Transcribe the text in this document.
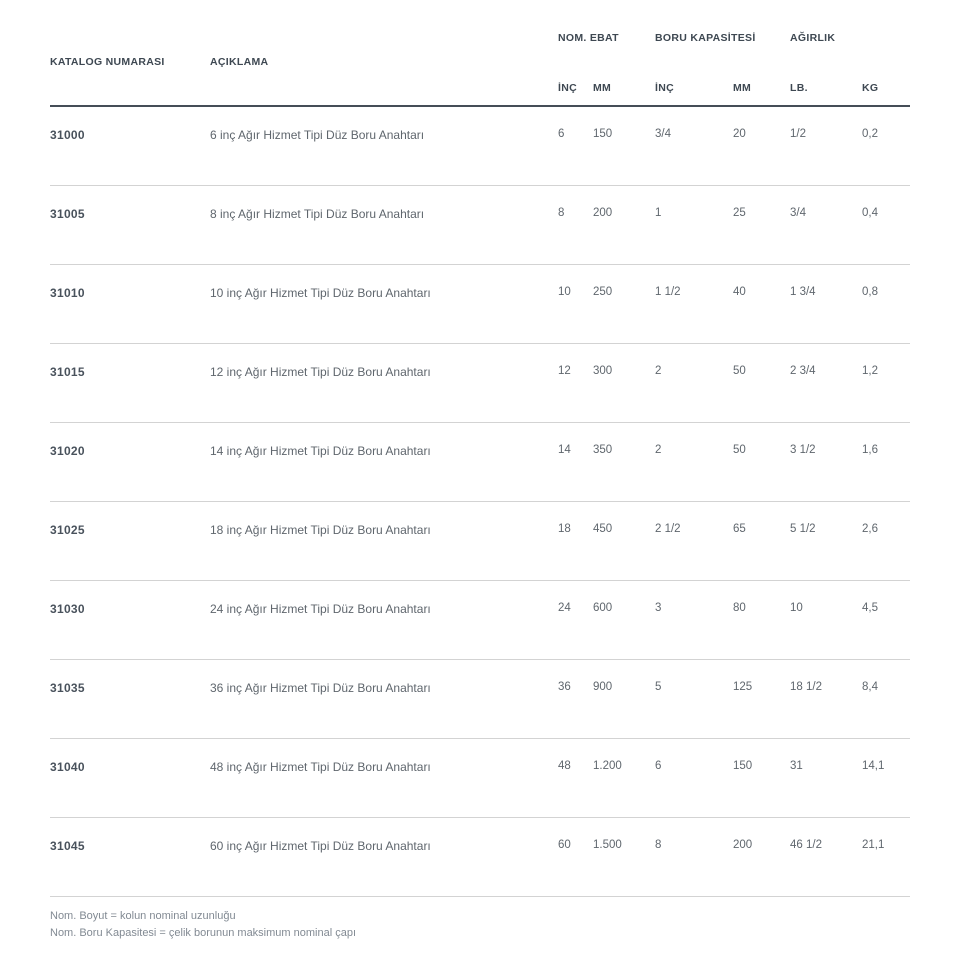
KATALOG NUMARASI	AÇIKLAMA
NOM. EBAT	BORU KAPASİTESİ	AĞIRLIK
İNÇ	MM	İNÇ	MM	LB.	KG
31000	6 inç Ağır Hizmet Tipi Düz Boru Anahtarı	6	150	3/4	20	1/2	0,2
31005	8 inç Ağır Hizmet Tipi Düz Boru Anahtarı	8	200	1	25	3/4	0,4
31010	10 inç Ağır Hizmet Tipi Düz Boru Anahtarı	10	250	1 1/2	40	1 3/4	0,8
31015	12 inç Ağır Hizmet Tipi Düz Boru Anahtarı	12	300	2	50	2 3/4	1,2
31020	14 inç Ağır Hizmet Tipi Düz Boru Anahtarı	14	350	2	50	3 1/2	1,6
31025	18 inç Ağır Hizmet Tipi Düz Boru Anahtarı	18	450	2 1/2	65	5 1/2	2,6
31030	24 inç Ağır Hizmet Tipi Düz Boru Anahtarı	24	600	3	80	10	4,5
31035	36 inç Ağır Hizmet Tipi Düz Boru Anahtarı	36	900	5	125	18 1/2	8,4
31040	48 inç Ağır Hizmet Tipi Düz Boru Anahtarı	48	1.200	6	150	31	14,1
31045	60 inç Ağır Hizmet Tipi Düz Boru Anahtarı	60	1.500	8	200	46 1/2	21,1
Nom. Boyut = kolun nominal uzunluğu
Nom. Boru Kapasitesi = çelik borunun maksimum nominal çapı
